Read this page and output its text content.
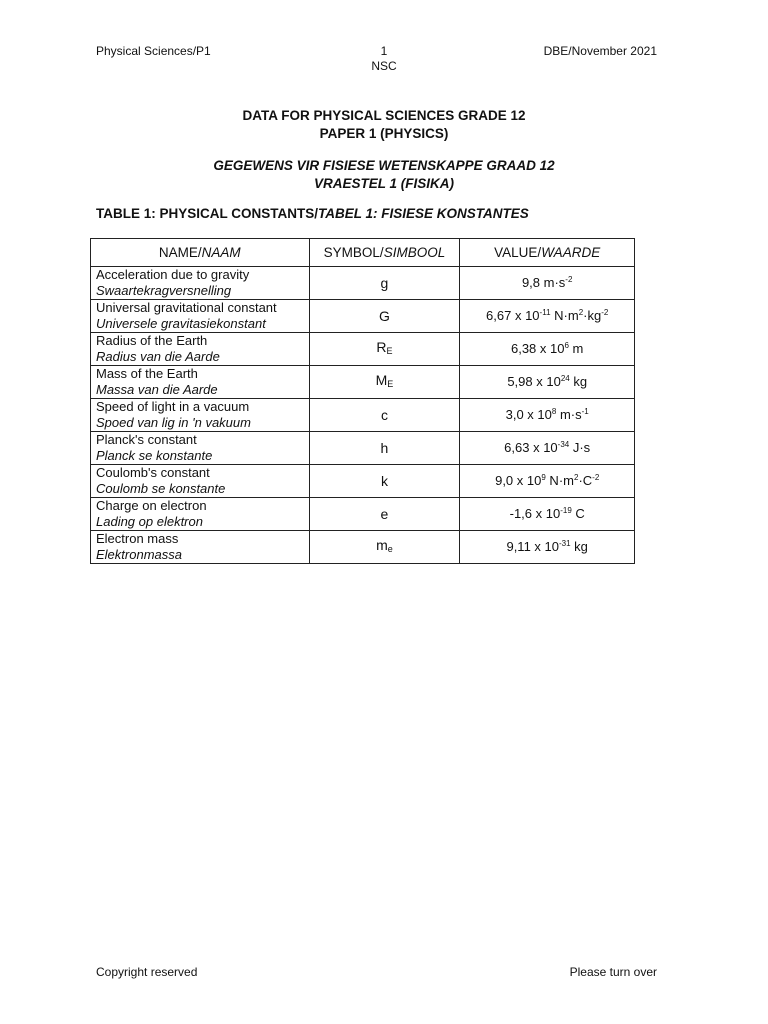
Physical Sciences/P1	1
NSC
DBE/November 2021
DATA FOR PHYSICAL SCIENCES GRADE 12
PAPER 1 (PHYSICS)
GEGEWENS VIR FISIESE WETENSKAPPE GRAAD 12
VRAESTEL 1 (FISIKA)
TABLE 1: PHYSICAL CONSTANTS/TABEL 1: FISIESE KONSTANTES
NAME/NAAM	SYMBOL/SIMBOOL	VALUE/WAARDE

Acceleration due to gravity
Swaartekragversnelling	g	9,8 $m\cdot s^{-2}$

Universal gravitational constant
Universele gravitasiekonstant	G	6,67 x $10^{-11}$ $N\cdot m^2\cdot kg^{-2}$

Radius of the Earth
Radius van die Aarde	$R_E$	6,38 x $10^6$ m

Mass of the Earth
Massa van die Aarde	$M_E$	5,98 x $10^{24}$ kg

Speed of light in a vacuum
Spoed van lig in 'n vakuum	c	3,0 x $10^8$ $m\cdot s^{-1}$

Planck's constant
Planck se konstante	h	6,63 x $10^{-34}$ J·s

Coulomb's constant
Coulomb se konstante	k	9,0 x $10^9$ $N\cdot m^2\cdot C^{-2}$

Charge on electron
Lading op elektron	e	-1,6 x $10^{-19}$ C

Electron mass
Elektronmassa	$m_e$	9,11 x $10^{-31}$ kg
Copyright reserved	Please turn over
